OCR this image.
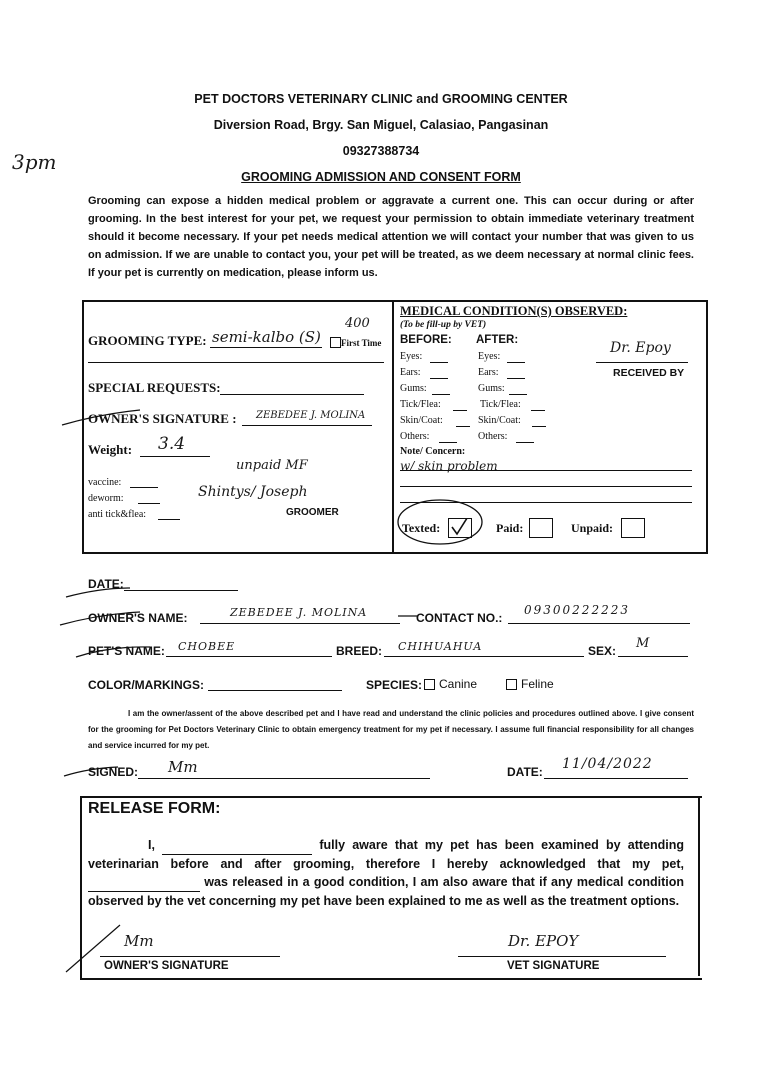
PET DOCTORS VETERINARY CLINIC and GROOMING CENTER
Diversion Road, Brgy. San Miguel, Calasiao, Pangasinan
09327388734
GROOMING ADMISSION AND CONSENT FORM
3pm
Grooming can expose a hidden medical problem or aggravate a current one. This can occur during or after grooming. In the best interest for your pet, we request your permission to obtain immediate veterinary treatment should it become necessary. If your pet needs medical attention we will contact your number that was given to us on admission. If we are unable to contact you, your pet will be treated, as we deem necessary at normal clinic fees. If your pet is currently on medication, please inform us.
GROOMING TYPE: semi-kalbo (S)
400
First Time
SPECIAL REQUESTS:
OWNER'S SIGNATURE : ZEBEDEE J. MOLINA
Weight: 3.4
unpaid MF
vaccine:
deworm:
anti tick&flea:
Shintys/ Joseph
GROOMER
MEDICAL CONDITION(S) OBSERVED:
(To be fill-up by VET)
BEFORE: AFTER:
Eyes:	Eyes:
Ears:	Ears:
Gums:	Gums:
Tick/Flea:	Tick/Flea:
Skin/Coat:	Skin/Coat:
Others:	Others:
Dr. Epoy
RECEIVED BY
Note/ Concern:
w/ skin problem
Texted:	Paid:	Unpaid:
DATE:
OWNER'S NAME:	ZEBEDEE J. MOLINA	CONTACT NO.:
09300222223
PET'S NAME: CHOBEE	BREED: CHIHUAHUA	SEX: M
COLOR/MARKINGS:	SPECIES:	Canine	Feline
I am the owner/assent of the above described pet and I have read and understand the clinic policies and procedures outlined above. I give consent for the grooming for Pet Doctors Veterinary Clinic to obtain emergency treatment for my pet if necessary. I assume full financial responsibility for all changes and service incurred for my pet.
SIGNED: Mm	DATE: 11/04/2022
RELEASE FORM:
I,	fully aware that my pet has been examined by attending veterinarian before and after grooming, therefore I hereby acknowledged that my pet,   was released in a good condition, I am also aware that if any medical condition observed by the vet concerning my pet have been explained to me as well as the treatment options.
Mm
OWNER'S SIGNATURE
Dr. EPOY
VET SIGNATURE
